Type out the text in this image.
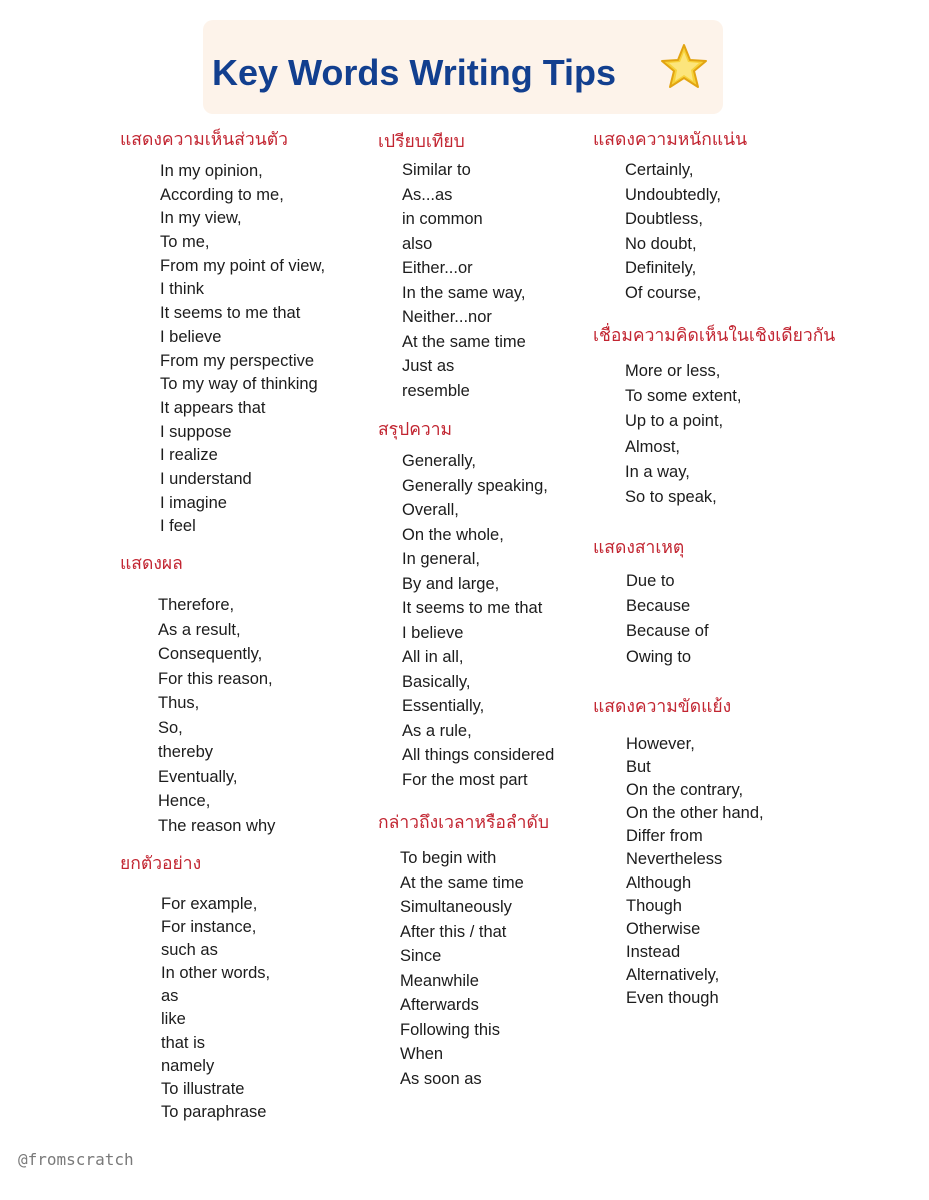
Key Words Writing Tips
แสดงความเห็นส่วนตัว
In my opinion,
According to me,
In my view,
To me,
From my point of view,
I think
It seems to me that
I believe
From my perspective
To my way of thinking
It appears that
I suppose
I realize
I understand
I imagine
I feel
แสดงผล
Therefore,
As a result,
Consequently,
For this reason,
Thus,
So,
thereby
Eventually,
Hence,
The reason why
ยกตัวอย่าง
For example,
For instance,
such as
In other words,
as
like
that is
namely
To illustrate
To paraphrase
เปรียบเทียบ
Similar to
As...as
in common
also
Either...or
In the same way,
Neither...nor
At the same time
Just as
resemble
สรุปความ
Generally,
Generally speaking,
Overall,
On the whole,
In general,
By and large,
It seems to me that
I believe
All in all,
Basically,
Essentially,
As a rule,
All things considered
For the most part
กล่าวถึงเวลาหรือลำดับ
To begin with
At the same time
Simultaneously
After this / that
Since
Meanwhile
Afterwards
Following this
When
As soon as
แสดงความหนักแน่น
Certainly,
Undoubtedly,
Doubtless,
No doubt,
Definitely,
Of course,
เชื่อมความคิดเห็นในเชิงเดียวกัน
More or less,
To some extent,
Up to a point,
Almost,
In a way,
So to speak,
แสดงสาเหตุ
Due to
Because
Because of
Owing to
แสดงความขัดแย้ง
However,
But
On the contrary,
On the other hand,
Differ from
Nevertheless
Although
Though
Otherwise
Instead
Alternatively,
Even though
@fromscratch
